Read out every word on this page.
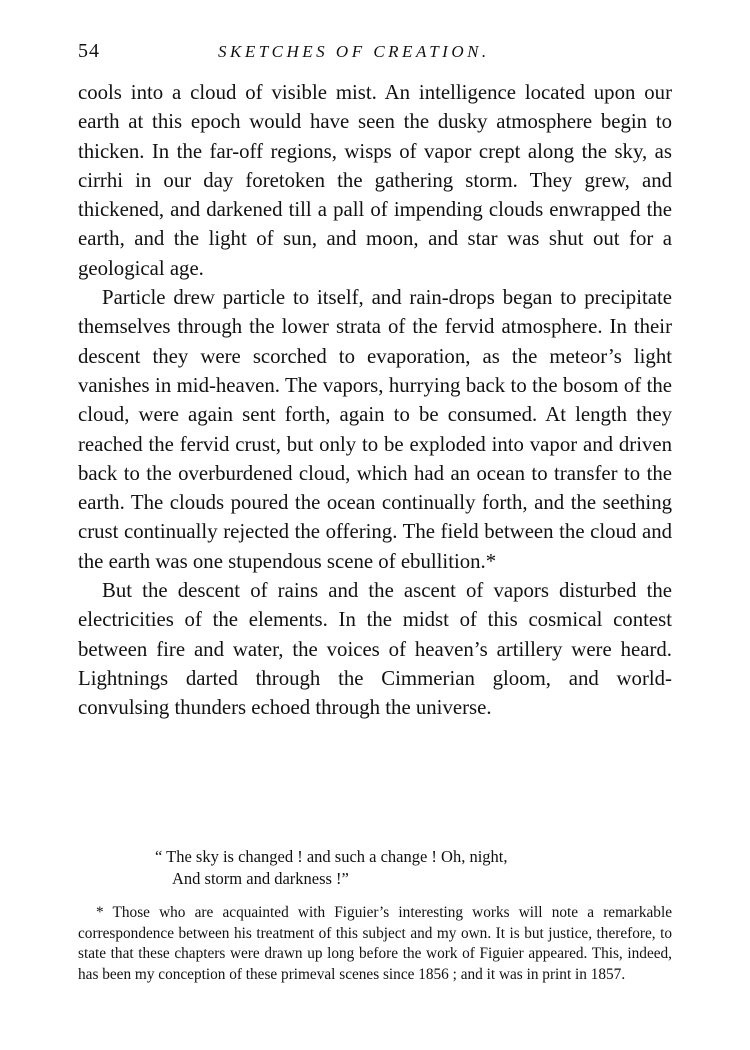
54	SKETCHES OF CREATION.

cools into a cloud of visible mist. An intelligence located upon our earth at this epoch would have seen the dusky atmosphere begin to thicken. In the far-off regions, wisps of vapor crept along the sky, as cirrhi in our day foretoken the gathering storm. They grew, and thickened, and darkened till a pall of impending clouds enwrapped the earth, and the light of sun, and moon, and star was shut out for a geological age.

Particle drew particle to itself, and rain-drops began to precipitate themselves through the lower strata of the fervid atmosphere. In their descent they were scorched to evaporation, as the meteor’s light vanishes in mid-heaven. The vapors, hurrying back to the bosom of the cloud, were again sent forth, again to be consumed. At length they reached the fervid crust, but only to be exploded into vapor and driven back to the overburdened cloud, which had an ocean to transfer to the earth. The clouds poured the ocean continually forth, and the seething crust continually rejected the offering. The field between the cloud and the earth was one stupendous scene of ebullition.*

But the descent of rains and the ascent of vapors disturbed the electricities of the elements. In the midst of this cosmical contest between fire and water, the voices of heaven’s artillery were heard. Lightnings darted through the Cimmerian gloom, and world-convulsing thunders echoed through the universe.

“ The sky is changed ! and such a change ! Oh, night,
And storm and darkness !”

* Those who are acquainted with Figuier’s interesting works will note a remarkable correspondence between his treatment of this subject and my own. It is but justice, therefore, to state that these chapters were drawn up long before the work of Figuier appeared. This, indeed, has been my conception of these primeval scenes since 1856 ; and it was in print in 1857.
